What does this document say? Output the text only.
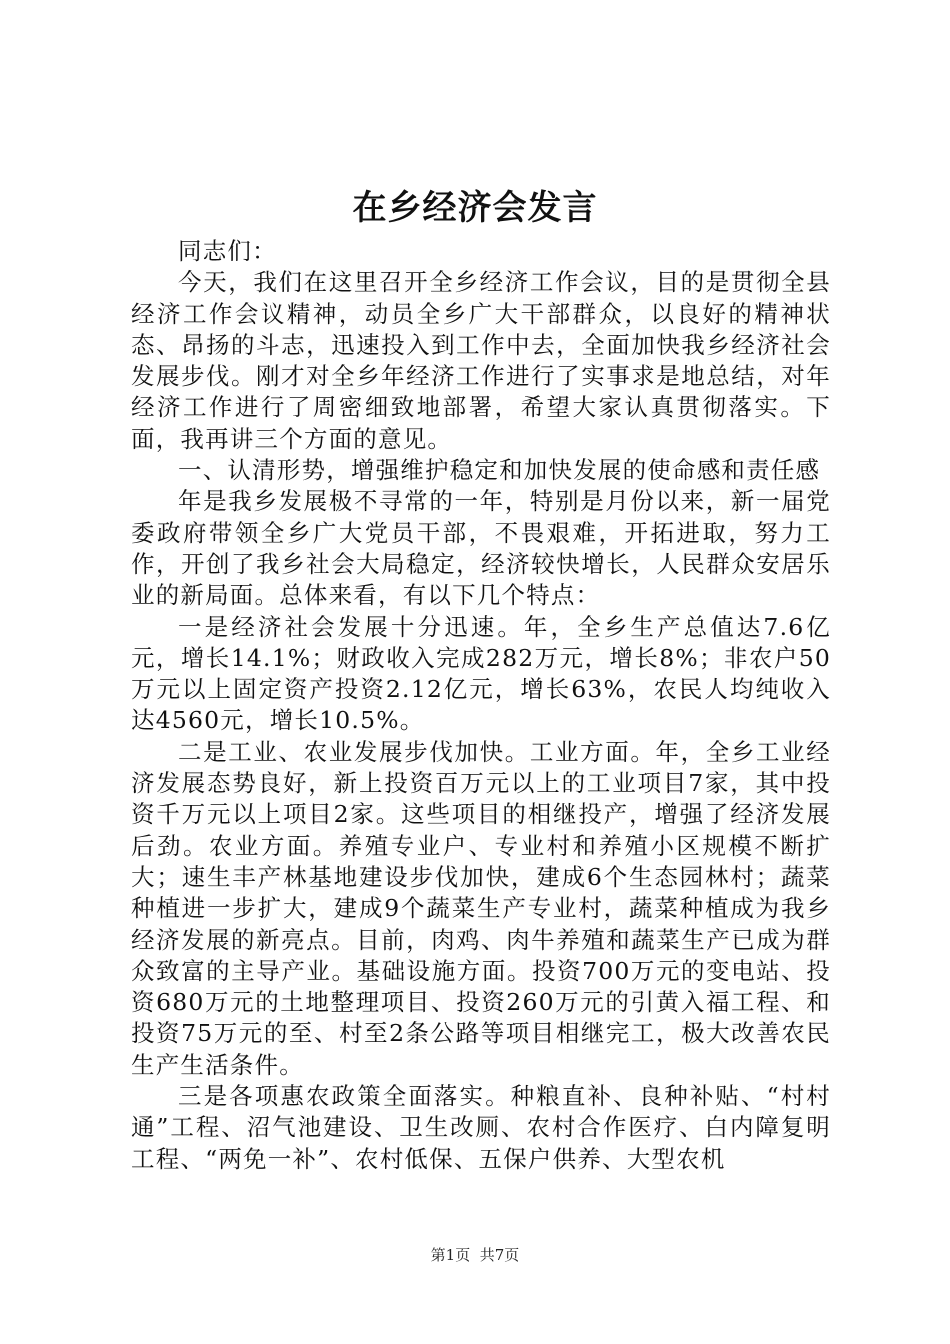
在乡经济会发言

同志们：

今天，我们在这里召开全乡经济工作会议，目的是贯彻全县经济工作会议精神，动员全乡广大干部群众，以良好的精神状态、昂扬的斗志，迅速投入到工作中去，全面加快我乡经济社会发展步伐。刚才对全乡年经济工作进行了实事求是地总结，对年经济工作进行了周密细致地部署，希望大家认真贯彻落实。下面，我再讲三个方面的意见。

一、认清形势，增强维护稳定和加快发展的使命感和责任感

年是我乡发展极不寻常的一年，特别是月份以来，新一届党委政府带领全乡广大党员干部，不畏艰难，开拓进取，努力工作，开创了我乡社会大局稳定，经济较快增长，人民群众安居乐业的新局面。总体来看，有以下几个特点：

一是经济社会发展十分迅速。年，全乡生产总值达7.6亿元，增长14.1%；财政收入完成282万元，增长8%；非农户50万元以上固定资产投资2.12亿元，增长63%，农民人均纯收入达4560元，增长10.5%。

二是工业、农业发展步伐加快。工业方面。年，全乡工业经济发展态势良好，新上投资百万元以上的工业项目7家，其中投资千万元以上项目2家。这些项目的相继投产，增强了经济发展后劲。农业方面。养殖专业户、专业村和养殖小区规模不断扩大；速生丰产林基地建设步伐加快，建成6个生态园林村；蔬菜种植进一步扩大，建成9个蔬菜生产专业村，蔬菜种植成为我乡经济发展的新亮点。目前，肉鸡、肉牛养殖和蔬菜生产已成为群众致富的主导产业。基础设施方面。投资700万元的变电站、投资680万元的土地整理项目、投资260万元的引黄入福工程、和投资75万元的至、村至2条公路等项目相继完工，极大改善农民生产生活条件。

三是各项惠农政策全面落实。种粮直补、良种补贴、“村村通”工程、沼气池建设、卫生改厕、农村合作医疗、白内障复明工程、“两免一补”、农村低保、五保户供养、大型农机

第1页 共7页
